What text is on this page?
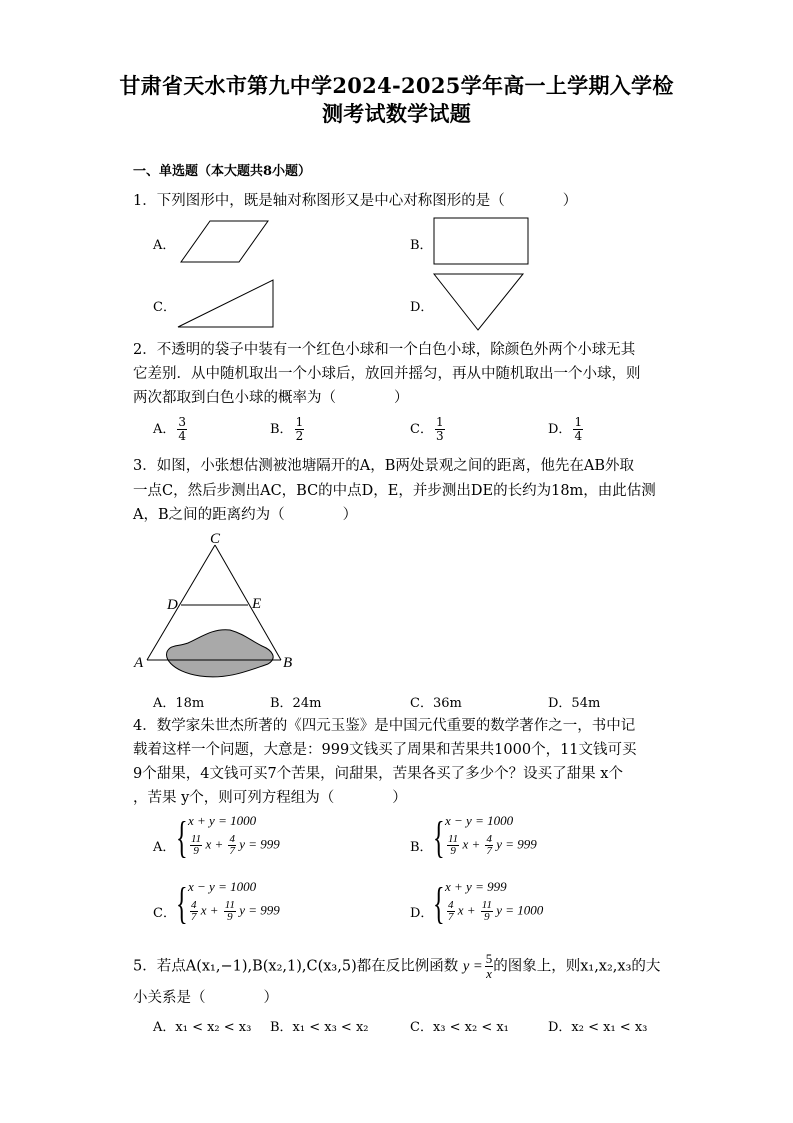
甘肃省天水市第九中学2024-2025学年高一上学期入学检
测考试数学试题
一、单选题（本大题共8小题）
1．下列图形中，既是轴对称图形又是中心对称图形的是（　　　　）
A．	B．
C．	D．
2．不透明的袋子中装有一个红色小球和一个白色小球，除颜色外两个小球无其
它差别．从中随机取出一个小球后，放回并摇匀，再从中随机取出一个小球，则
两次都取到白色小球的概率为（　　　　）
A． $\frac{3}{4}$	B． $\frac{1}{2}$	C． $\frac{1}{3}$	D． $\frac{1}{4}$
3．如图，小张想估测被池塘隔开的A，B两处景观之间的距离，他先在AB外取
一点C，然后步测出AC，BC的中点D，E，并步测出DE的长约为18m，由此估测
A，B之间的距离约为（　　　　）
C
D	E
A	B
A．18m	B．24m	C．36m	D．54m
4．数学家朱世杰所著的《四元玉鉴》是中国元代重要的数学著作之一，书中记
载着这样一个问题，大意是：999文钱买了周果和苦果共1000个，11文钱可买
9个甜果，4文钱可买7个苦果，问甜果，苦果各买了多少个？设买了甜果 x个
，苦果 y个，则可列方程组为（　　　　）
A． { x + y = 1000
$\frac{11}{9}$ $x + \frac{4}{7}$ y = 999	B． { x − y = 1000
$\frac{11}{9}$ $x + \frac{4}{7}$ y = 999
C． { x − y = 1000
$\frac{4}{7}$ $x + \frac{11}{9}$ y = 999	D． { x + y = 999
$\frac{4}{7}$ $x + \frac{11}{9}$ y = 1000
5．若点A(x₁,−1),B(x₂,1),C(x₃,5)都在反比例函数 $y = \frac{5}{x}$ 的图象上，则x₁,x₂,x₃的大
小关系是（　　　　）
A．x₁ < x₂ < x₃ B．x₁ < x₃ < x₂	C．x₃ < x₂ < x₁	D．x₂ < x₁ < x₃
